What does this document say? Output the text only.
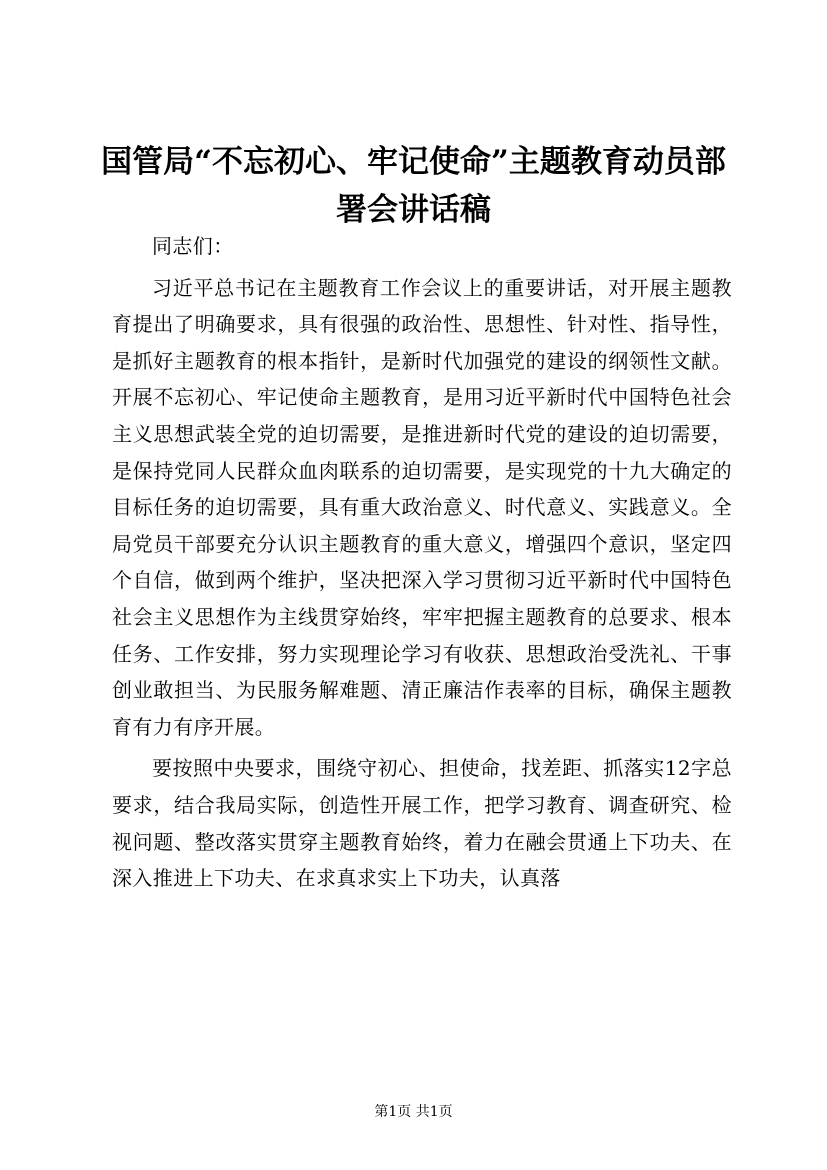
国管局“不忘初心、牢记使命”主题教育动员部署会讲话稿

同志们：

习近平总书记在主题教育工作会议上的重要讲话，对开展主题教育提出了明确要求，具有很强的政治性、思想性、针对性、指导性，是抓好主题教育的根本指针，是新时代加强党的建设的纲领性文献。开展不忘初心、牢记使命主题教育，是用习近平新时代中国特色社会主义思想武装全党的迫切需要，是推进新时代党的建设的迫切需要，是保持党同人民群众血肉联系的迫切需要，是实现党的十九大确定的目标任务的迫切需要，具有重大政治意义、时代意义、实践意义。全局党员干部要充分认识主题教育的重大意义，增强四个意识，坚定四个自信，做到两个维护，坚决把深入学习贯彻习近平新时代中国特色社会主义思想作为主线贯穿始终，牢牢把握主题教育的总要求、根本任务、工作安排，努力实现理论学习有收获、思想政治受洗礼、干事创业敢担当、为民服务解难题、清正廉洁作表率的目标，确保主题教育有力有序开展。

要按照中央要求，围绕守初心、担使命，找差距、抓落实12字总要求，结合我局实际，创造性开展工作，把学习教育、调查研究、检视问题、整改落实贯穿主题教育始终，着力在融会贯通上下功夫、在深入推进上下功夫、在求真求实上下功夫，认真落

第1页 共1页
